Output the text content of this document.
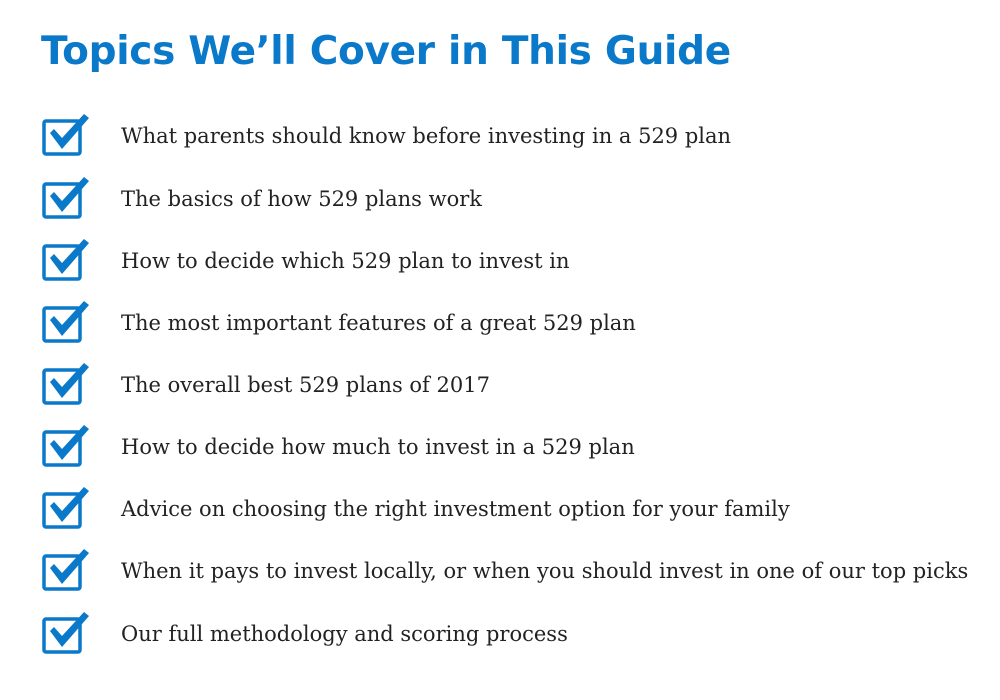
Topics We’ll Cover in This Guide
What parents should know before investing in a 529 plan
The basics of how 529 plans work
How to decide which 529 plan to invest in
The most important features of a great 529 plan
The overall best 529 plans of 2017
How to decide how much to invest in a 529 plan
Advice on choosing the right investment option for your family
When it pays to invest locally, or when you should invest in one of our top picks
Our full methodology and scoring process
